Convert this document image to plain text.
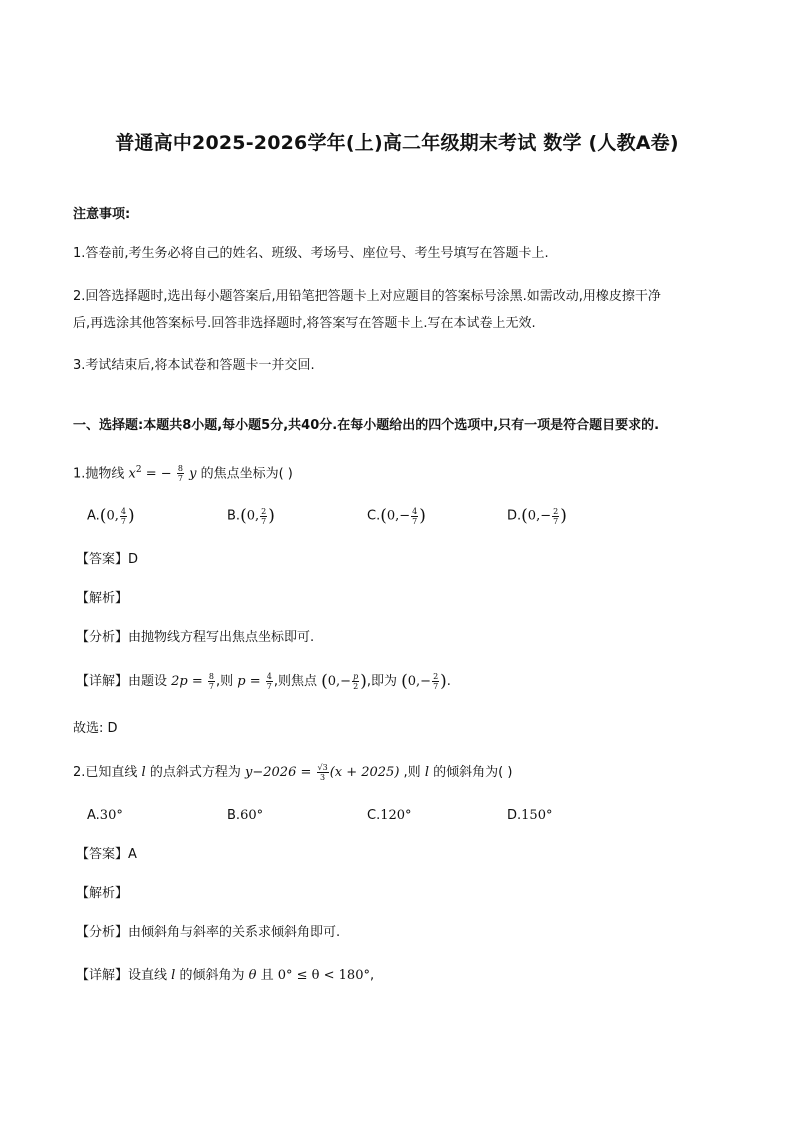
普通高中2025-2026学年(上)高二年级期末考试 数学 (人教A卷)
注意事项:
1.答卷前,考生务必将自己的姓名、班级、考场号、座位号、考生号填写在答题卡上.
2.回答选择题时,选出每小题答案后,用铅笔把答题卡上对应题目的答案标号涂黑.如需改动,用橡皮擦干净
后,再选涂其他答案标号.回答非选择题时,将答案写在答题卡上.写在本试卷上无效.
3.考试结束后,将本试卷和答题卡一并交回.
一、选择题:本题共8小题,每小题5分,共40分.在每小题给出的四个选项中,只有一项是符合题目要求的.
1.抛物线 $x^2$ = − $\frac{8}{7}$ y 的焦点坐标为( )
A.(0, $\frac{4}{7}$ )	B.(0, $\frac{2}{7}$ )	$C.(0,- \frac{4}{7}$ )	$D.(0,- \frac{2}{7}$ )
【答案】D
【解析】
【分析】由抛物线方程写出焦点坐标即可.
【详解】由题设 $2p = \frac{8}{7}$ ,则 $p = \frac{4}{7}$ ,则焦点 ($0,- \frac{p}{2}$ ),即为 ($0,- \frac{2}{7}$ ).
故选: D
2.已知直线 l 的点斜式方程为 $y-2026 = \frac{√3}{3} (x + 2025)$ ,则 l 的倾斜角为( )
A.30°	B.60°	C.120°	D.150°
【答案】A
【解析】
【分析】由倾斜角与斜率的关系求倾斜角即可.
【详解】设直线 l 的倾斜角为 θ 且 0° ≤ θ < 180°,
